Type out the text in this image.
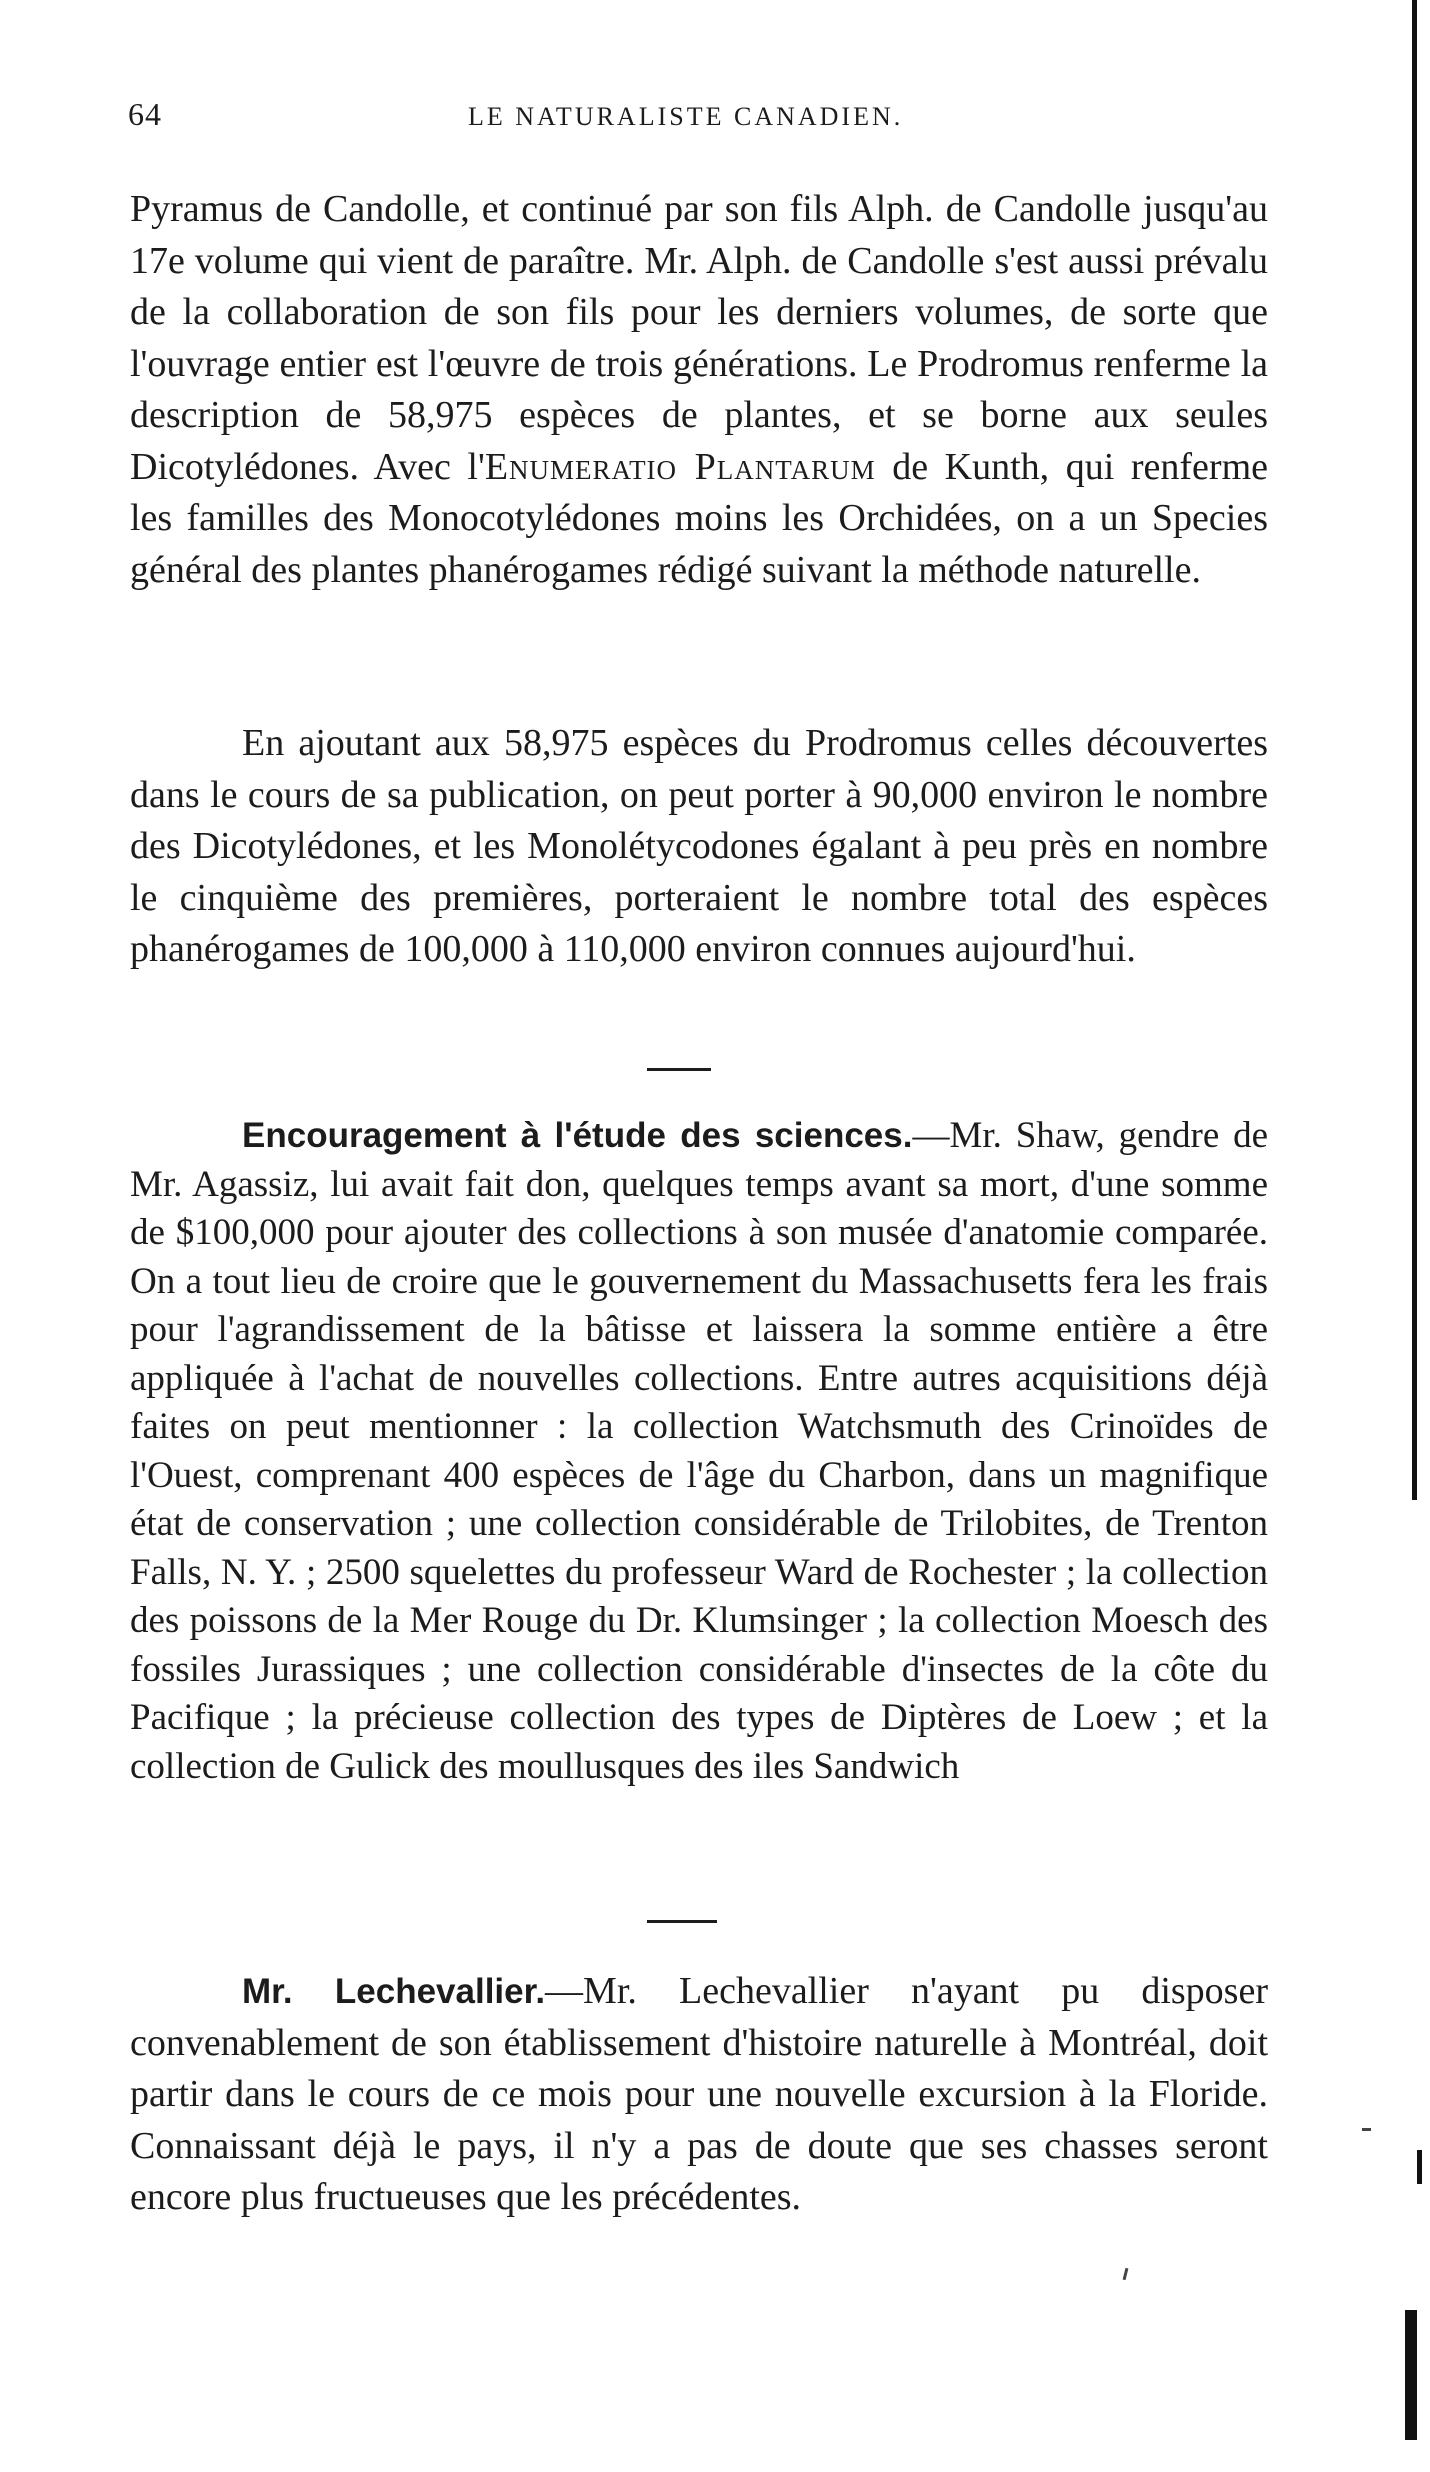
64	LE NATURALISTE CANADIEN.

Pyramus de Candolle, et continué par son fils Alph. de Candolle jusqu'au 17e volume qui vient de paraître. Mr. Alph. de Candolle s'est aussi prévalu de la collaboration de son fils pour les derniers volumes, de sorte que l'ouvrage entier est l'œuvre de trois générations. Le Prodromus renferme la description de 58,975 espèces de plantes, et se borne aux seules Dicotylédones. Avec l'Enumeratio Plantarum de Kunth, qui renferme les familles des Monocotylédones moins les Orchidées, on a un Species général des plantes phanérogames rédigé suivant la méthode naturelle.

En ajoutant aux 58,975 espèces du Prodromus celles découvertes dans le cours de sa publication, on peut porter à 90,000 environ le nombre des Dicotylédones, et les Monolétycodones égalant à peu près en nombre le cinquième des premières, porteraient le nombre total des espèces phanérogames de 100,000 à 110,000 environ connues aujourd'hui.

Encouragement à l'étude des sciences.—Mr. Shaw, gendre de Mr. Agassiz, lui avait fait don, quelques temps avant sa mort, d'une somme de $100,000 pour ajouter des collections à son musée d'anatomie comparée. On a tout lieu de croire que le gouvernement du Massachusetts fera les frais pour l'agrandissement de la bâtisse et laissera la somme entière a être appliquée à l'achat de nouvelles collections. Entre autres acquisitions déjà faites on peut mentionner : la collection Watchsmuth des Crinoïdes de l'Ouest, comprenant 400 espèces de l'âge du Charbon, dans un magnifique état de conservation ; une collection considérable de Trilobites, de Trenton Falls, N. Y. ; 2500 squelettes du professeur Ward de Rochester ; la collection des poissons de la Mer Rouge du Dr. Klumsinger ; la collection Moesch des fossiles Jurassiques ; une collection considérable d'insectes de la côte du Pacifique ; la précieuse collection des types de Diptères de Loew ; et la collection de Gulick des moullusques des iles Sandwich

Mr. Lechevallier.—Mr. Lechevallier n'ayant pu disposer convenablement de son établissement d'histoire naturelle à Montréal, doit partir dans le cours de ce mois pour une nouvelle excursion à la Floride. Connaissant déjà le pays, il n'y a pas de doute que ses chasses seront encore plus fructueuses que les précédentes.
